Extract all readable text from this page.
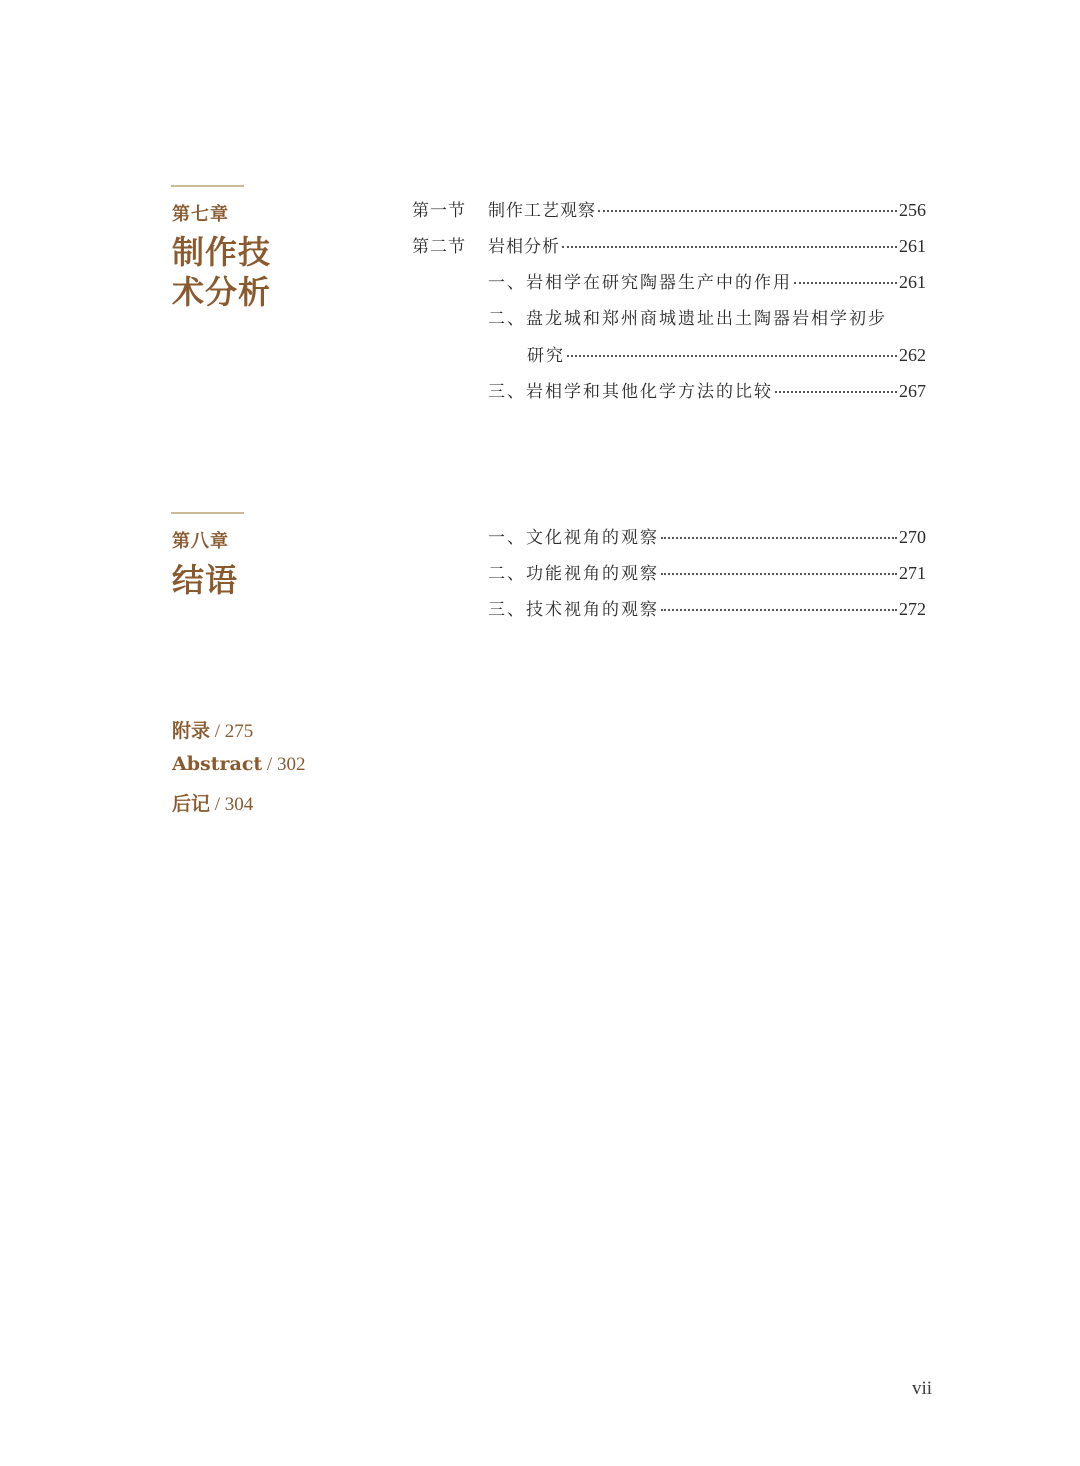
第七章
制作技术分析
第一节	制作工艺观察	256
第二节	岩相分析	261
一、岩相学在研究陶器生产中的作用	261
二、盘龙城和郑州商城遗址出土陶器岩相学初步
研究	262
三、岩相学和其他化学方法的比较	267
第八章
结语
一、文化视角的观察	270
二、功能视角的观察	271
三、技术视角的观察	272
附录 / 275
Abstract / 302
后记 / 304
vii
